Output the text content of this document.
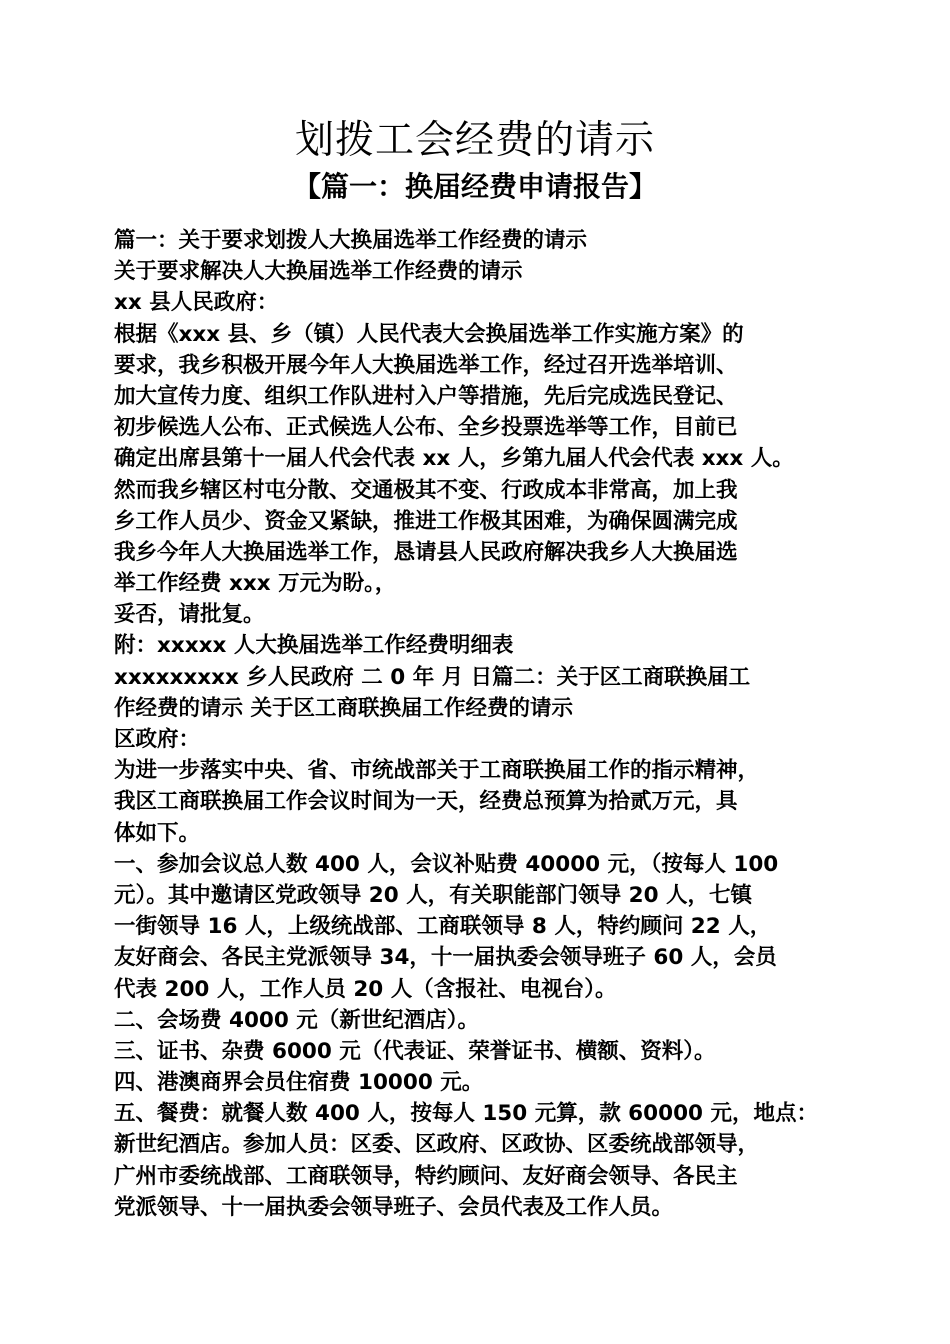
划拨工会经费的请示
【篇一：换届经费申请报告】
篇一：关于要求划拨人大换届选举工作经费的请示
关于要求解决人大换届选举工作经费的请示
xx 县人民政府：
根据《xxx 县、乡（镇）人民代表大会换届选举工作实施方案》的
要求，我乡积极开展今年人大换届选举工作，经过召开选举培训、
加大宣传力度、组织工作队进村入户等措施，先后完成选民登记、
初步候选人公布、正式候选人公布、全乡投票选举等工作，目前已
确定出席县第十一届人代会代表 xx 人，乡第九届人代会代表 xxx 人。
然而我乡辖区村屯分散、交通极其不变、行政成本非常高，加上我
乡工作人员少、资金又紧缺，推进工作极其困难，为确保圆满完成
我乡今年人大换届选举工作，恳请县人民政府解决我乡人大换届选
举工作经费 xxx 万元为盼。，
妥否，请批复。
附：xxxxx 人大换届选举工作经费明细表
xxxxxxxxx 乡人民政府 二 0 年 月 日篇二：关于区工商联换届工
作经费的请示 关于区工商联换届工作经费的请示
区政府：
为进一步落实中央、省、市统战部关于工商联换届工作的指示精神，
我区工商联换届工作会议时间为一天，经费总预算为拾贰万元，具
体如下。
一、参加会议总人数 400 人，会议补贴费 40000 元，（按每人 100
元）。其中邀请区党政领导 20 人，有关职能部门领导 20 人，七镇
一街领导 16 人，上级统战部、工商联领导 8 人，特约顾问 22 人，
友好商会、各民主党派领导 34，十一届执委会领导班子 60 人，会员
代表 200 人，工作人员 20 人（含报社、电视台）。
二、会场费 4000 元（新世纪酒店）。
三、证书、杂费 6000 元（代表证、荣誉证书、横额、资料）。
四、港澳商界会员住宿费 10000 元。
五、餐费：就餐人数 400 人，按每人 150 元算，款 60000 元，地点：
新世纪酒店。参加人员：区委、区政府、区政协、区委统战部领导，
广州市委统战部、工商联领导，特约顾问、友好商会领导、各民主
党派领导、十一届执委会领导班子、会员代表及工作人员。
